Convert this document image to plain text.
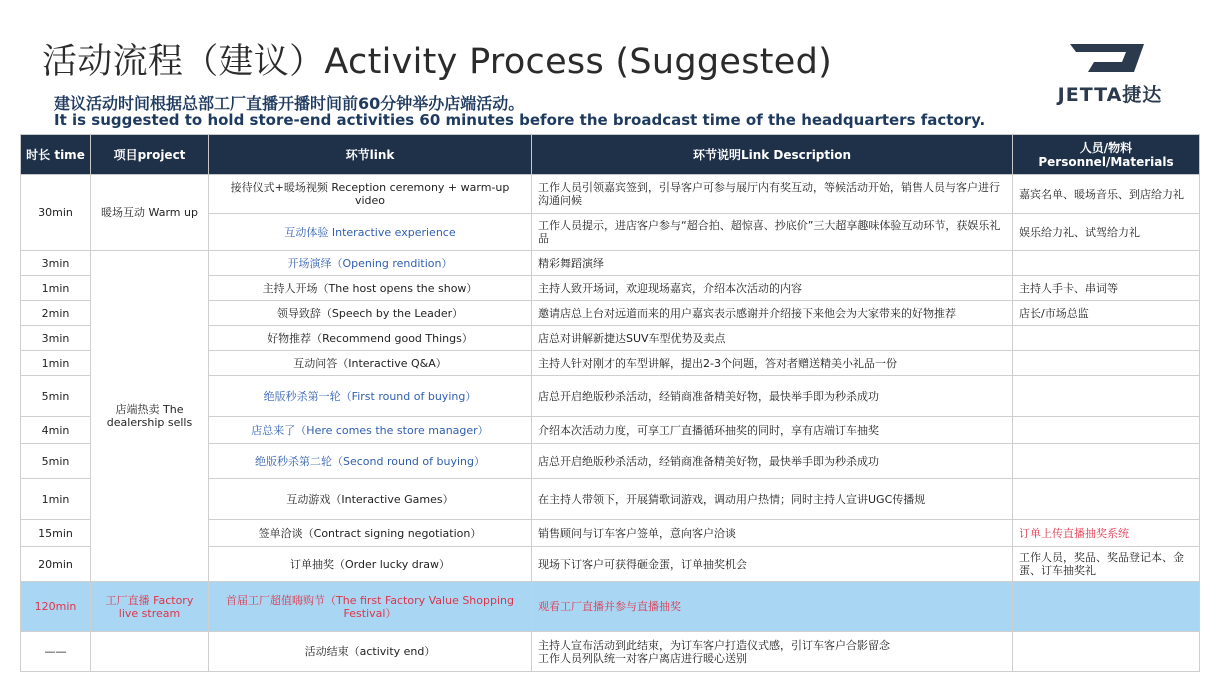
活动流程（建议）Activity Process (Suggested)
建议活动时间根据总部工厂直播开播时间前60分钟举办店端活动。
It is suggested to hold store-end activities 60 minutes before the broadcast time of the headquarters factory.
JETTA捷达
时长 time	项目project	环节link	环节说明Link Description	人员/物料 Personnel/Materials
30min	暖场互动 Warm up	接待仪式+暖场视频 Reception ceremony + warm-up video	工作人员引领嘉宾签到，引导客户可参与展厅内有奖互动，等候活动开始，销售人员与客户进行沟通问候	嘉宾名单、暖场音乐、到店给力礼
		互动体验 Interactive experience	工作人员提示，进店客户参与“超合拍、超惊喜、抄底价”三大超享趣味体验互动环节，获娱乐礼品	娱乐给力礼、试驾给力礼
3min	店端热卖 The dealership sells	开场演绎（Opening rendition）	精彩舞蹈演绎	
1min		主持人开场（The host opens the show）	主持人致开场词，欢迎现场嘉宾，介绍本次活动的内容	主持人手卡、串词等
2min		领导致辞（Speech by the Leader）	邀请店总上台对远道而来的用户嘉宾表示感谢并介绍接下来他会为大家带来的好物推荐	店长/市场总监
3min		好物推荐（Recommend good Things）	店总对讲解新捷达SUV车型优势及卖点	
1min		互动问答（Interactive Q&A）	主持人针对刚才的车型讲解，提出2-3个问题，答对者赠送精美小礼品一份	
5min		绝版秒杀第一轮（First round of buying）	店总开启绝版秒杀活动，经销商准备精美好物，最快举手即为秒杀成功	
4min		店总来了（Here comes the store manager）	介绍本次活动力度，可享工厂直播循环抽奖的同时，享有店端订车抽奖	
5min		绝版秒杀第二轮（Second round of buying）	店总开启绝版秒杀活动，经销商准备精美好物，最快举手即为秒杀成功	
1min		互动游戏（Interactive Games）	在主持人带领下，开展猜歌词游戏，调动用户热情；同时主持人宣讲UGC传播规	
15min		签单洽谈（Contract signing negotiation）	销售顾问与订车客户签单，意向客户洽谈	订单上传直播抽奖系统
20min		订单抽奖（Order lucky draw）	现场下订客户可获得砸金蛋，订单抽奖机会	工作人员，奖品、奖品登记本、金蛋、订车抽奖礼
120min	工厂直播 Factory live stream	首届工厂超值嗨购节（The first Factory Value Shopping Festival）	观看工厂直播并参与直播抽奖	
——		活动结束（activity end）	主持人宣布活动到此结束，为订车客户打造仪式感，引订车客户合影留念
工作人员列队统一对客户离店进行暖心送别	
